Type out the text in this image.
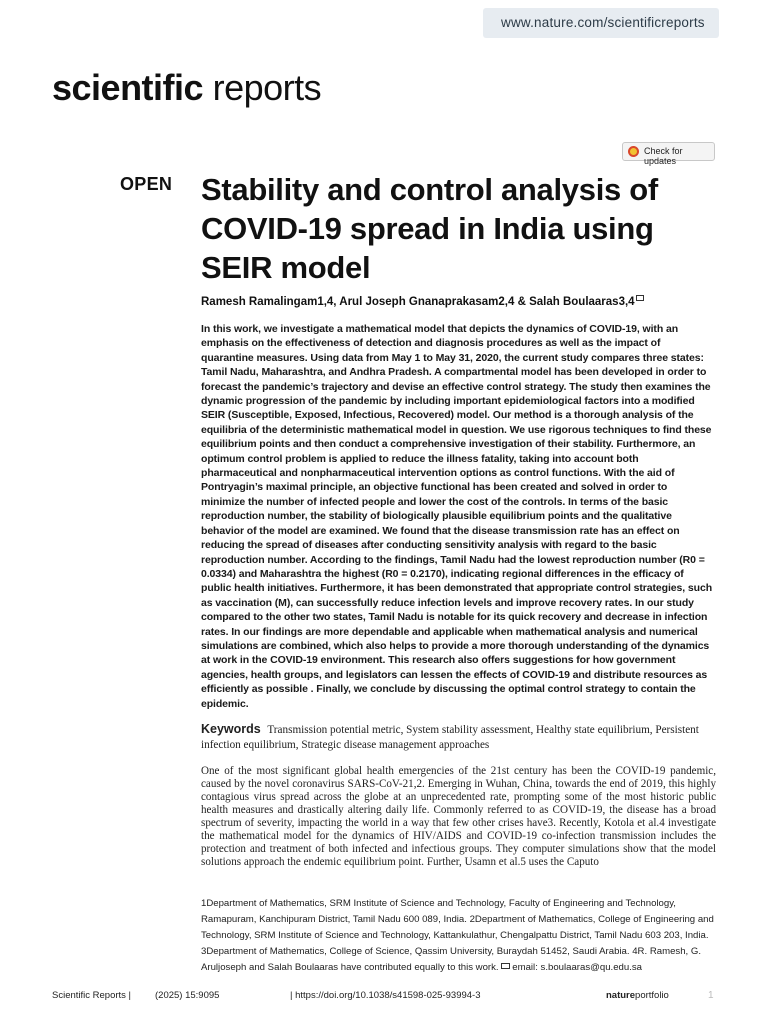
www.nature.com/scientificreports
scientific reports
Check for updates
OPEN Stability and control analysis of COVID-19 spread in India using SEIR model
Ramesh Ramalingam1,4, Arul Joseph Gnanaprakasam2,4 & Salah Boulaaras3,4
In this work, we investigate a mathematical model that depicts the dynamics of COVID-19, with an emphasis on the effectiveness of detection and diagnosis procedures as well as the impact of quarantine measures. Using data from May 1 to May 31, 2020, the current study compares three states: Tamil Nadu, Maharashtra, and Andhra Pradesh. A compartmental model has been developed in order to forecast the pandemic’s trajectory and devise an effective control strategy. The study then examines the dynamic progression of the pandemic by including important epidemiological factors into a modified SEIR (Susceptible, Exposed, Infectious, Recovered) model. Our method is a thorough analysis of the equilibria of the deterministic mathematical model in question. We use rigorous techniques to find these equilibrium points and then conduct a comprehensive investigation of their stability. Furthermore, an optimum control problem is applied to reduce the illness fatality, taking into account both pharmaceutical and nonpharmaceutical intervention options as control functions. With the aid of Pontryagin’s maximal principle, an objective functional has been created and solved in order to minimize the number of infected people and lower the cost of the controls. In terms of the basic reproduction number, the stability of biologically plausible equilibrium points and the qualitative behavior of the model are examined. We found that the disease transmission rate has an effect on reducing the spread of diseases after conducting sensitivity analysis with regard to the basic reproduction number. According to the findings, Tamil Nadu had the lowest reproduction number (R0 = 0.0334) and Maharashtra the highest (R0 = 0.2170), indicating regional differences in the efficacy of public health initiatives. Furthermore, it has been demonstrated that appropriate control strategies, such as vaccination (M), can successfully reduce infection levels and improve recovery rates. In our study compared to the other two states, Tamil Nadu is notable for its quick recovery and decrease in infection rates. In our findings are more dependable and applicable when mathematical analysis and numerical simulations are combined, which also helps to provide a more thorough understanding of the dynamics at work in the COVID-19 environment. This research also offers suggestions for how government agencies, health groups, and legislators can lessen the effects of COVID-19 and distribute resources as efficiently as possible . Finally, we conclude by discussing the optimal control strategy to contain the epidemic.
Keywords Transmission potential metric, System stability assessment, Healthy state equilibrium, Persistent infection equilibrium, Strategic disease management approaches
One of the most significant global health emergencies of the 21st century has been the COVID-19 pandemic, caused by the novel coronavirus SARS-CoV-21,2. Emerging in Wuhan, China, towards the end of 2019, this highly contagious virus spread across the globe at an unprecedented rate, prompting some of the most historic public health measures and drastically altering daily life. Commonly referred to as COVID-19, the disease has a broad spectrum of severity, impacting the world in a way that few other crises have3. Recently, Kotola et al.4 investigate the mathematical model for the dynamics of HIV/AIDS and COVID-19 co-infection transmission includes the protection and treatment of both infected and infectious groups. They computer simulations show that the model solutions approach the endemic equilibrium point. Further, Usamn et al.5 uses the Caputo
1Department of Mathematics, SRM Institute of Science and Technology, Faculty of Engineering and Technology, Ramapuram, Kanchipuram District, Tamil Nadu 600 089, India. 2Department of Mathematics, College of Engineering and Technology, SRM Institute of Science and Technology, Kattankulathur, Chengalpattu District, Tamil Nadu 603 203, India. 3Department of Mathematics, College of Science, Qassim University, Buraydah 51452, Saudi Arabia. 4R. Ramesh, G. Aruljoseph and Salah Boulaaras have contributed equally to this work. email: s.boulaaras@qu.edu.sa
Scientific Reports |	(2025) 15:9095	| https://doi.org/10.1038/s41598-025-93994-3	natureportfolio	1
